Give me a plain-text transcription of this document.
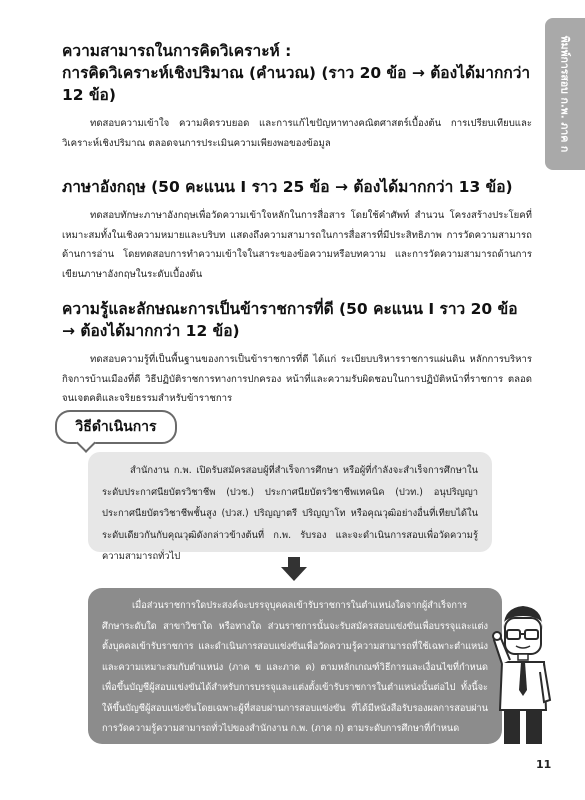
พิมพ์การสอบ ก.พ. ภาค ก
ความสามารถในการคิดวิเคราะห์ :
การคิดวิเคราะห์เชิงปริมาณ (คำนวณ) (ราว 20 ข้อ → ต้องได้มากกว่า 12 ข้อ)

ทดสอบความเข้าใจ ความคิดรวบยอด และการแก้ไขปัญหาทางคณิตศาสตร์เบื้องต้น การเปรียบเทียบและวิเคราะห์เชิงปริมาณ ตลอดจนการประเมินความเพียงพอของข้อมูล

ภาษาอังกฤษ (50 คะแนน I ราว 25 ข้อ → ต้องได้มากกว่า 13 ข้อ)

ทดสอบทักษะภาษาอังกฤษเพื่อวัดความเข้าใจหลักในการสื่อสาร โดยใช้คำศัพท์ สำนวน โครงสร้างประโยคที่เหมาะสมทั้งในเชิงความหมายและบริบท แสดงถึงความสามารถในการสื่อสารที่มีประสิทธิภาพ การวัดความสามารถด้านการอ่าน โดยทดสอบการทำความเข้าใจในสาระของข้อความหรือบทความ และการวัดความสามารถด้านการเขียนภาษาอังกฤษในระดับเบื้องต้น

ความรู้และลักษณะการเป็นข้าราชการที่ดี (50 คะแนน I ราว 20 ข้อ → ต้องได้มากกว่า 12 ข้อ)

ทดสอบความรู้ที่เป็นพื้นฐานของการเป็นข้าราชการที่ดี ได้แก่ ระเบียบบริหารราชการแผ่นดิน หลักการบริหารกิจการบ้านเมืองที่ดี วิธีปฏิบัติราชการทางการปกครอง หน้าที่และความรับผิดชอบในการปฏิบัติหน้าที่ราชการ ตลอดจนเจตคติและจริยธรรมสำหรับข้าราชการ

วิธีดำเนินการ

สำนักงาน ก.พ. เปิดรับสมัครสอบผู้ที่สำเร็จการศึกษา หรือผู้ที่กำลังจะสำเร็จการศึกษาในระดับประกาศนียบัตรวิชาชีพ (ปวช.) ประกาศนียบัตรวิชาชีพเทคนิค (ปวท.) อนุปริญญา ประกาศนียบัตรวิชาชีพชั้นสูง (ปวส.) ปริญญาตรี ปริญญาโท หรือคุณวุฒิอย่างอื่นที่เทียบได้ในระดับเดียวกันกับคุณวุฒิดังกล่าวข้างต้นที่ ก.พ. รับรอง และจะดำเนินการสอบเพื่อวัดความรู้ความสามารถทั่วไป

เมื่อส่วนราชการใดประสงค์จะบรรจุบุคคลเข้ารับราชการในตำแหน่งใดจากผู้สำเร็จการศึกษาระดับใด สาขาวิชาใด หรือทางใด ส่วนราชการนั้นจะรับสมัครสอบแข่งขันเพื่อบรรจุและแต่งตั้งบุคคลเข้ารับราชการ และดำเนินการสอบแข่งขันเพื่อวัดความรู้ความสามารถที่ใช้เฉพาะตำแหน่งและความเหมาะสมกับตำแหน่ง (ภาค ข และภาค ค) ตามหลักเกณฑ์วิธีการและเงื่อนไขที่กำหนดเพื่อขึ้นบัญชีผู้สอบแข่งขันได้สำหรับการบรรจุและแต่งตั้งเข้ารับราชการในตำแหน่งนั้นต่อไป ทั้งนี้จะให้ขึ้นบัญชีผู้สอบแข่งขันโดยเฉพาะผู้ที่สอบผ่านการสอบแข่งขัน ที่ได้มีหนังสือรับรองผลการสอบผ่านการวัดความรู้ความสามารถทั่วไปของสำนักงาน ก.พ. (ภาค ก) ตามระดับการศึกษาที่กำหนด

11
